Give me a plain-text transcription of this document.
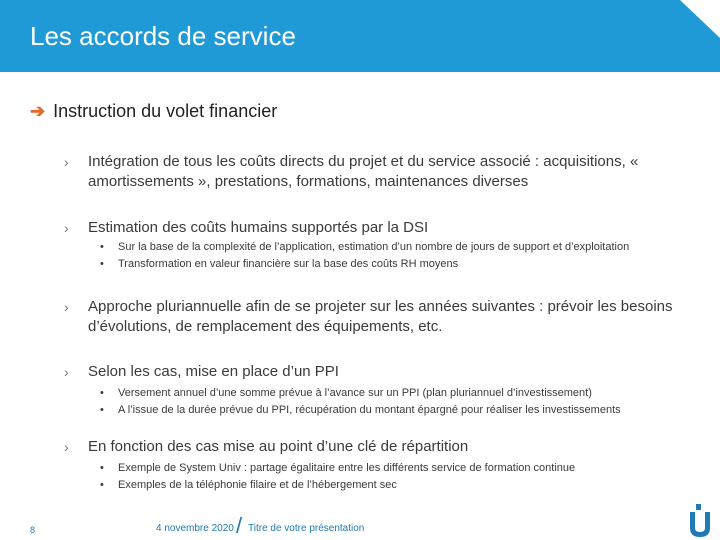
Les accords de service
➔ Instruction du volet financier
› Intégration de tous les coûts directs du projet et du service associé : acquisitions, « amortissements », prestations, formations, maintenances diverses
› Estimation des coûts humains supportés par la DSI
• Sur la base de la complexité de l’application, estimation d’un nombre de jours de support et d’exploitation
• Transformation en valeur financière sur la base des coûts RH moyens
› Approche pluriannuelle afin de se projeter sur les années suivantes : prévoir les besoins d’évolutions, de remplacement des équipements, etc.
› Selon les cas, mise en place d’un PPI
• Versement annuel d’une somme prévue à l’avance sur un PPI (plan pluriannuel d’investissement)
• A l’issue de la durée prévue du PPI, récupération du montant épargné pour réaliser les investissements
› En fonction des cas mise au point d’une clé de répartition
• Exemple de System Univ : partage égalitaire entre les différents service de formation continue
• Exemples de la téléphonie filaire et de l’hébergement sec
8	4 novembre 2020 / Titre de votre présentation
